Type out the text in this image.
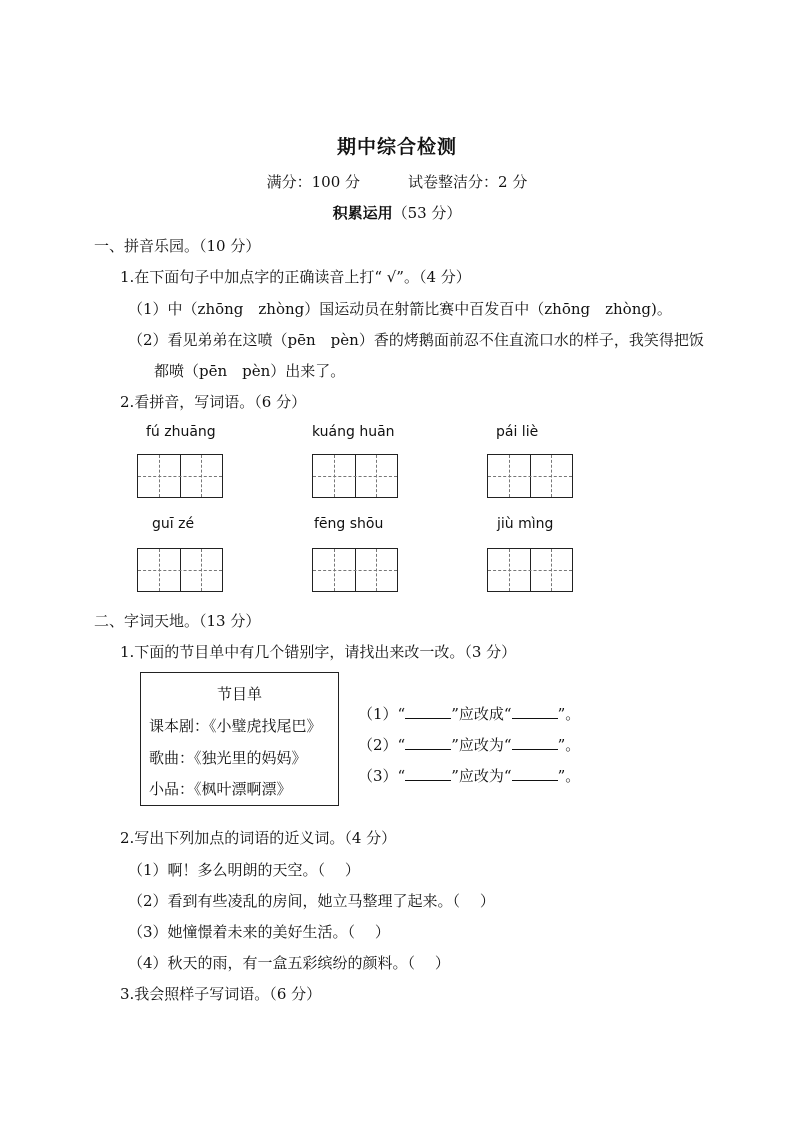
期中综合检测
满分：100 分	试卷整洁分：2 分
积累运用（53 分）
一、拼音乐园。（10 分）
1.在下面句子中加点字的正确读音上打“ √”。（4 分）
（1）中（zhōng　zhòng）国运动员在射箭比赛中百发百中（zhōng　zhòng)。
（2）看见弟弟在这喷（pēn　pèn）香的烤鹅面前忍不住直流口水的样子，我笑得把饭
都喷（pēn　pèn）出来了。
2.看拼音，写词语。（6 分）
fú zhuāng	kuáng huān	pái liè
guī zé	fēng shōu	jiù mìng
二、字词天地。（13 分）
1.下面的节目单中有几个错别字，请找出来改一改。（3 分）
节目单
课本剧：《小璧虎找尾巴》
歌曲：《独光里的妈妈》
小品：《枫叶漂啊漂》
（1）“	”应改成“	”。
（2）“	”应改为“	”。
（3）“	”应改为“	”。
2.写出下列加点的词语的近义词。（4 分）
（1）啊！多么明朗的天空。（　 ）
（2）看到有些凌乱的房间，她立马整理了起来。（　 ）
（3）她憧憬着未来的美好生活。（　 ）
（4）秋天的雨，有一盒五彩缤纷的颜料。（　 ）
3.我会照样子写词语。（6 分）
